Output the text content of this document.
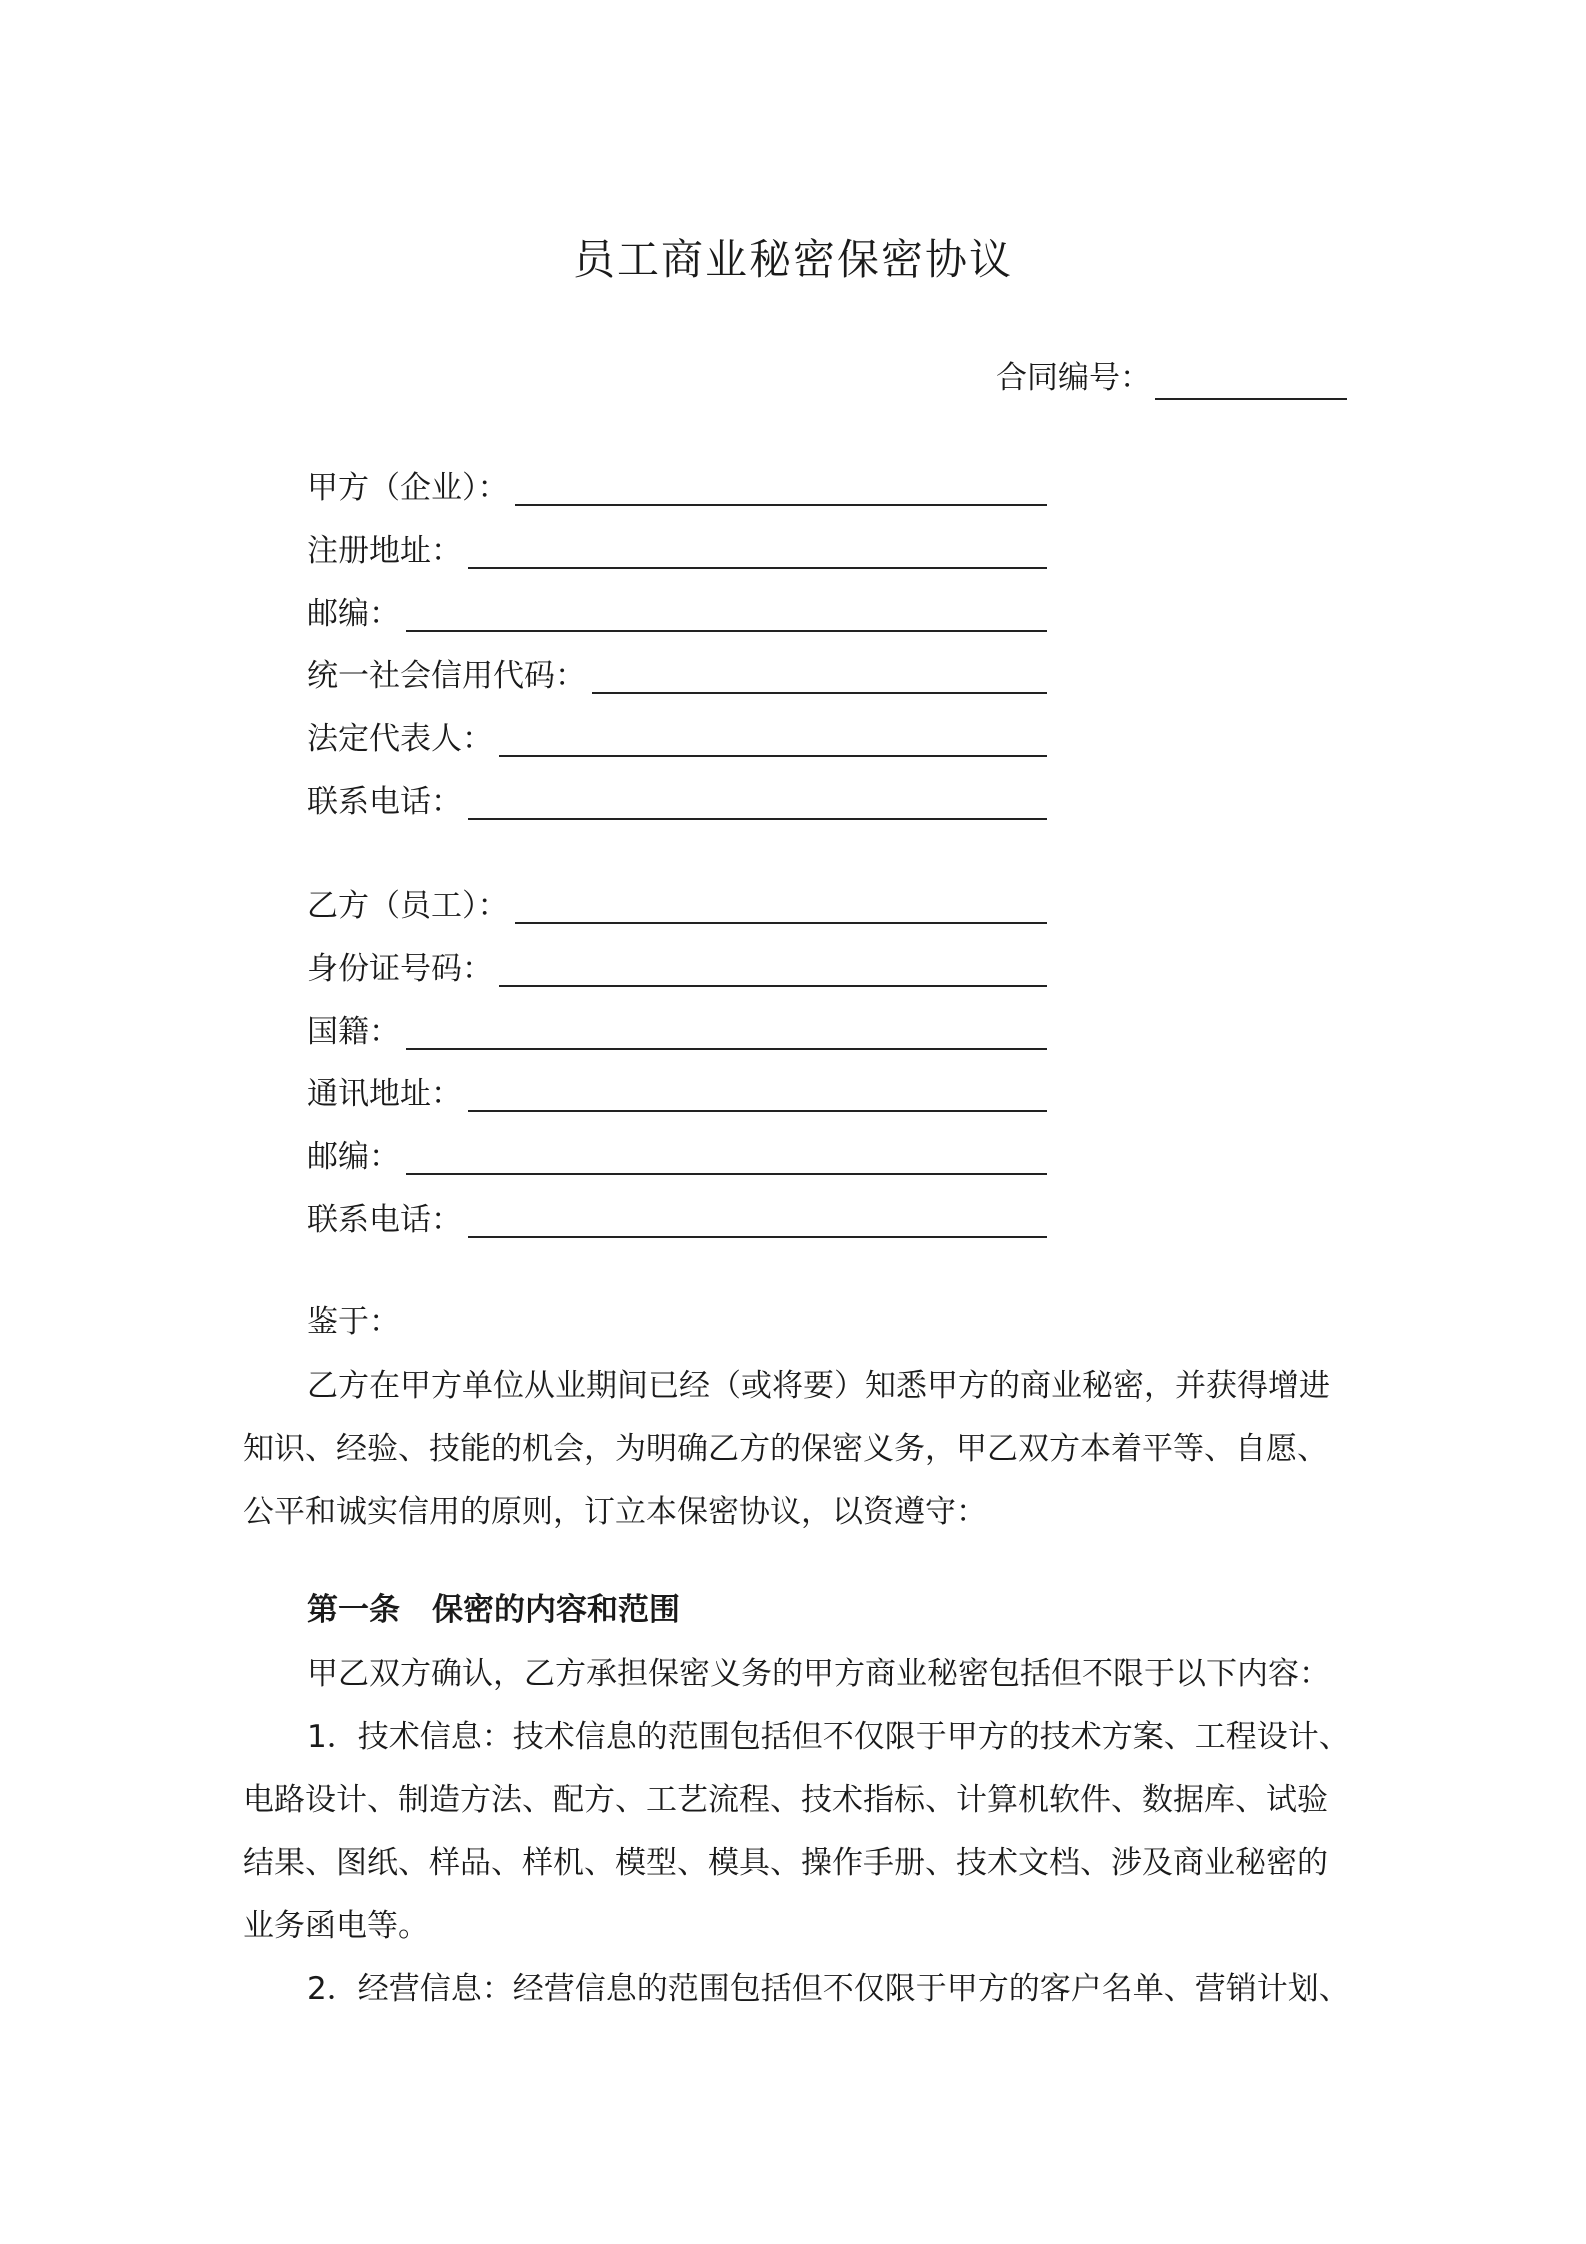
员工商业秘密保密协议
合同编号：
甲方（企业）：
注册地址：
邮编：
统一社会信用代码：
法定代表人：
联系电话：
乙方（员工）：
身份证号码：
国籍：
通讯地址：
邮编：
联系电话：
鉴于：
乙方在甲方单位从业期间已经（或将要）知悉甲方的商业秘密，并获得增进
知识、经验、技能的机会，为明确乙方的保密义务，甲乙双方本着平等、自愿、
公平和诚实信用的原则，订立本保密协议，以资遵守：
第一条 保密的内容和范围
甲乙双方确认，乙方承担保密义务的甲方商业秘密包括但不限于以下内容：
1．技术信息：技术信息的范围包括但不仅限于甲方的技术方案、工程设计、
电路设计、制造方法、配方、工艺流程、技术指标、计算机软件、数据库、试验
结果、图纸、样品、样机、模型、模具、操作手册、技术文档、涉及商业秘密的
业务函电等。
2．经营信息：经营信息的范围包括但不仅限于甲方的客户名单、营销计划、
